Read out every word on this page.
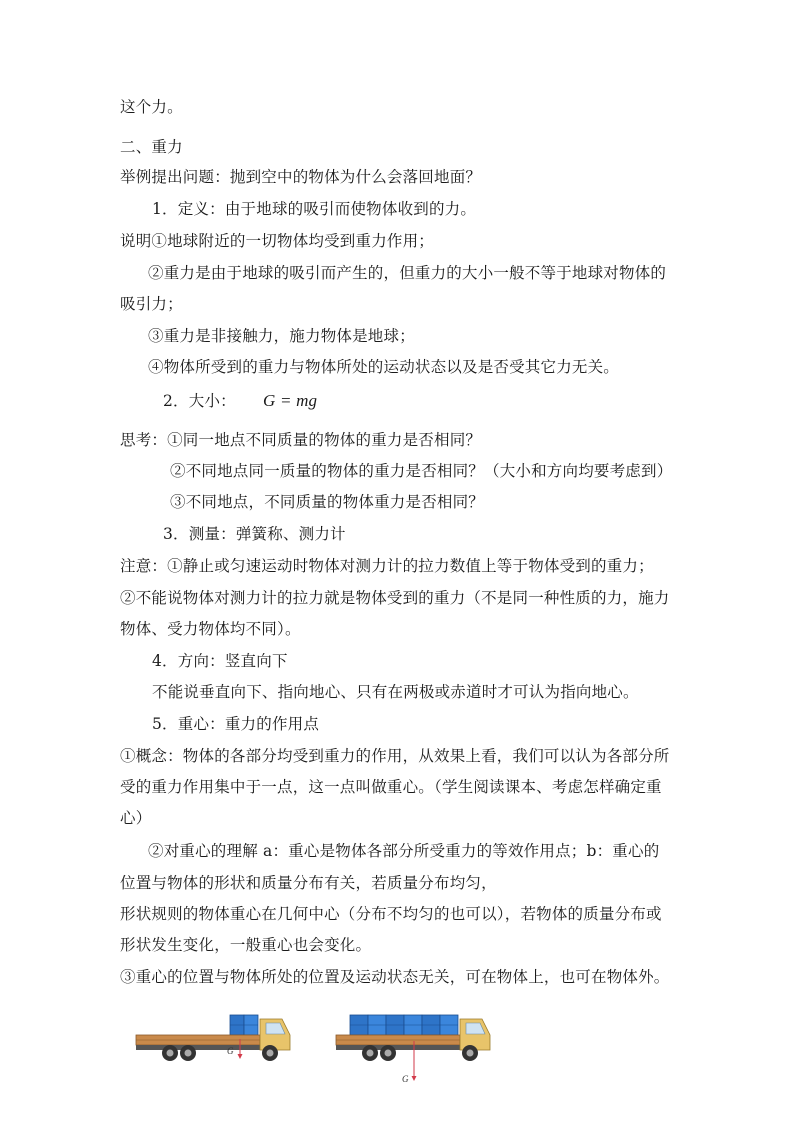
这个力。
二、重力
举例提出问题：抛到空中的物体为什么会落回地面？
1．定义：由于地球的吸引而使物体收到的力。
说明①地球附近的一切物体均受到重力作用；
②重力是由于地球的吸引而产生的，但重力的大小一般不等于地球对物体的
吸引力；
③重力是非接触力，施力物体是地球；
④物体所受到的重力与物体所处的运动状态以及是否受其它力无关。
2．大小： G = mg
思考：①同一地点不同质量的物体的重力是否相同？
②不同地点同一质量的物体的重力是否相同？（大小和方向均要考虑到）
③不同地点，不同质量的物体重力是否相同？
3．测量：弹簧称、测力计
注意：①静止或匀速运动时物体对测力计的拉力数值上等于物体受到的重力；
②不能说物体对测力计的拉力就是物体受到的重力（不是同一种性质的力，施力
物体、受力物体均不同）。
4．方向：竖直向下
不能说垂直向下、指向地心、只有在两极或赤道时才可认为指向地心。
5．重心：重力的作用点
①概念：物体的各部分均受到重力的作用，从效果上看，我们可以认为各部分所
受的重力作用集中于一点，这一点叫做重心。（学生阅读课本、考虑怎样确定重
心）
②对重心的理解 a：重心是物体各部分所受重力的等效作用点；b：重心的
位置与物体的形状和质量分布有关，若质量分布均匀，
形状规则的物体重心在几何中心（分布不均匀的也可以），若物体的质量分布或
形状发生变化，一般重心也会变化。
③重心的位置与物体所处的位置及运动状态无关，可在物体上，也可在物体外。
G
G
